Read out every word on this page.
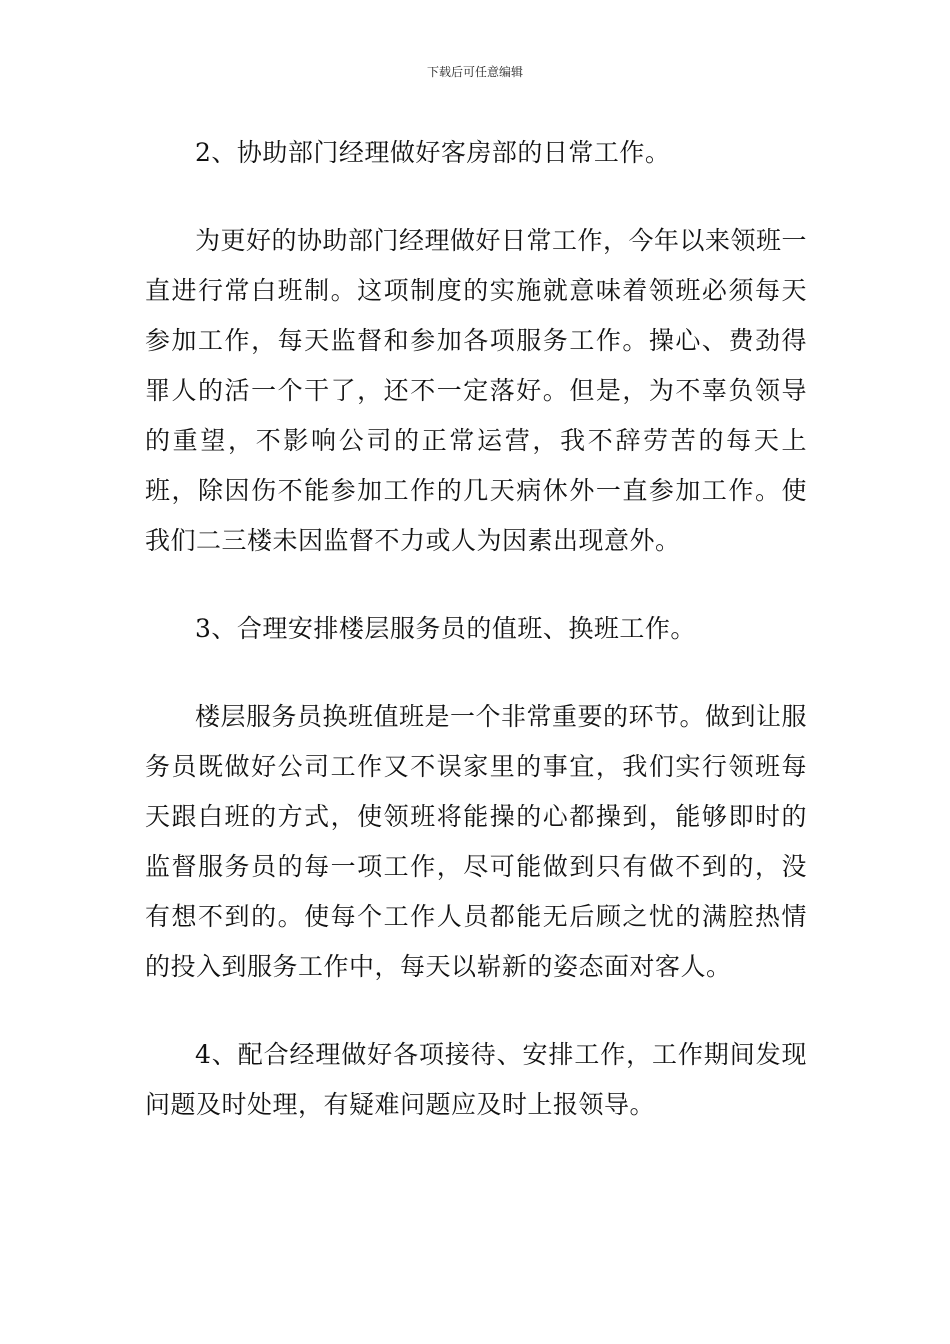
下载后可任意编辑

2、协助部门经理做好客房部的日常工作。

为更好的协助部门经理做好日常工作，今年以来领班一直进行常白班制。这项制度的实施就意味着领班必须每天参加工作，每天监督和参加各项服务工作。操心、费劲得罪人的活一个干了，还不一定落好。但是，为不辜负领导的重望，不影响公司的正常运营，我不辞劳苦的每天上班，除因伤不能参加工作的几天病休外一直参加工作。使我们二三楼未因监督不力或人为因素出现意外。

3、合理安排楼层服务员的值班、换班工作。

楼层服务员换班值班是一个非常重要的环节。做到让服务员既做好公司工作又不误家里的事宜，我们实行领班每天跟白班的方式，使领班将能操的心都操到，能够即时的监督服务员的每一项工作，尽可能做到只有做不到的，没有想不到的。使每个工作人员都能无后顾之忧的满腔热情的投入到服务工作中，每天以崭新的姿态面对客人。

4、配合经理做好各项接待、安排工作，工作期间发现问题及时处理，有疑难问题应及时上报领导。
